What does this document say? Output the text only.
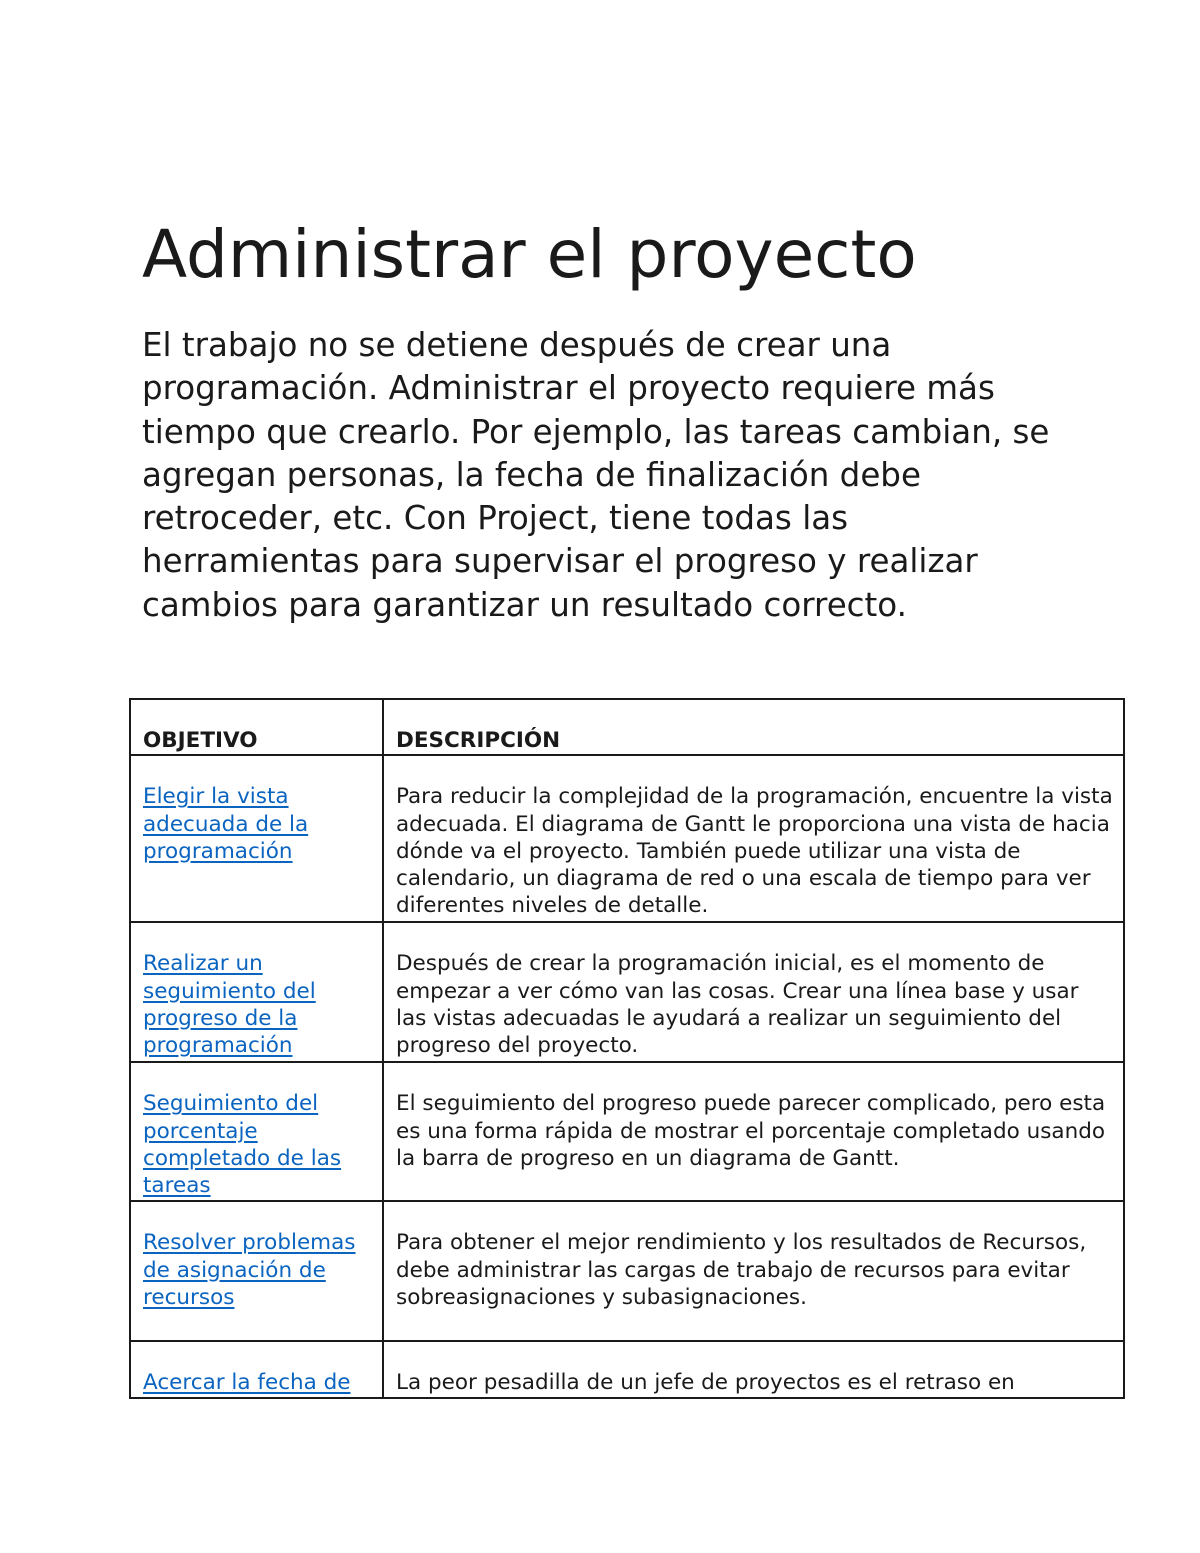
Administrar el proyecto

El trabajo no se detiene después de crear una programación. Administrar el proyecto requiere más tiempo que crearlo. Por ejemplo, las tareas cambian, se agregan personas, la fecha de finalización debe retroceder, etc. Con Project, tiene todas las herramientas para supervisar el progreso y realizar cambios para garantizar un resultado correcto.

OBJETIVO	DESCRIPCIÓN
Elegir la vista adecuada de la programación	Para reducir la complejidad de la programación, encuentre la vista adecuada. El diagrama de Gantt le proporciona una vista de hacia dónde va el proyecto. También puede utilizar una vista de calendario, un diagrama de red o una escala de tiempo para ver diferentes niveles de detalle.
Realizar un seguimiento del progreso de la programación	Después de crear la programación inicial, es el momento de empezar a ver cómo van las cosas. Crear una línea base y usar las vistas adecuadas le ayudará a realizar un seguimiento del progreso del proyecto.
Seguimiento del porcentaje completado de las tareas	El seguimiento del progreso puede parecer complicado, pero esta es una forma rápida de mostrar el porcentaje completado usando la barra de progreso en un diagrama de Gantt.
Resolver problemas de asignación de recursos	Para obtener el mejor rendimiento y los resultados de Recursos, debe administrar las cargas de trabajo de recursos para evitar sobreasignaciones y subasignaciones.
Acercar la fecha de	La peor pesadilla de un jefe de proyectos es el retraso en
